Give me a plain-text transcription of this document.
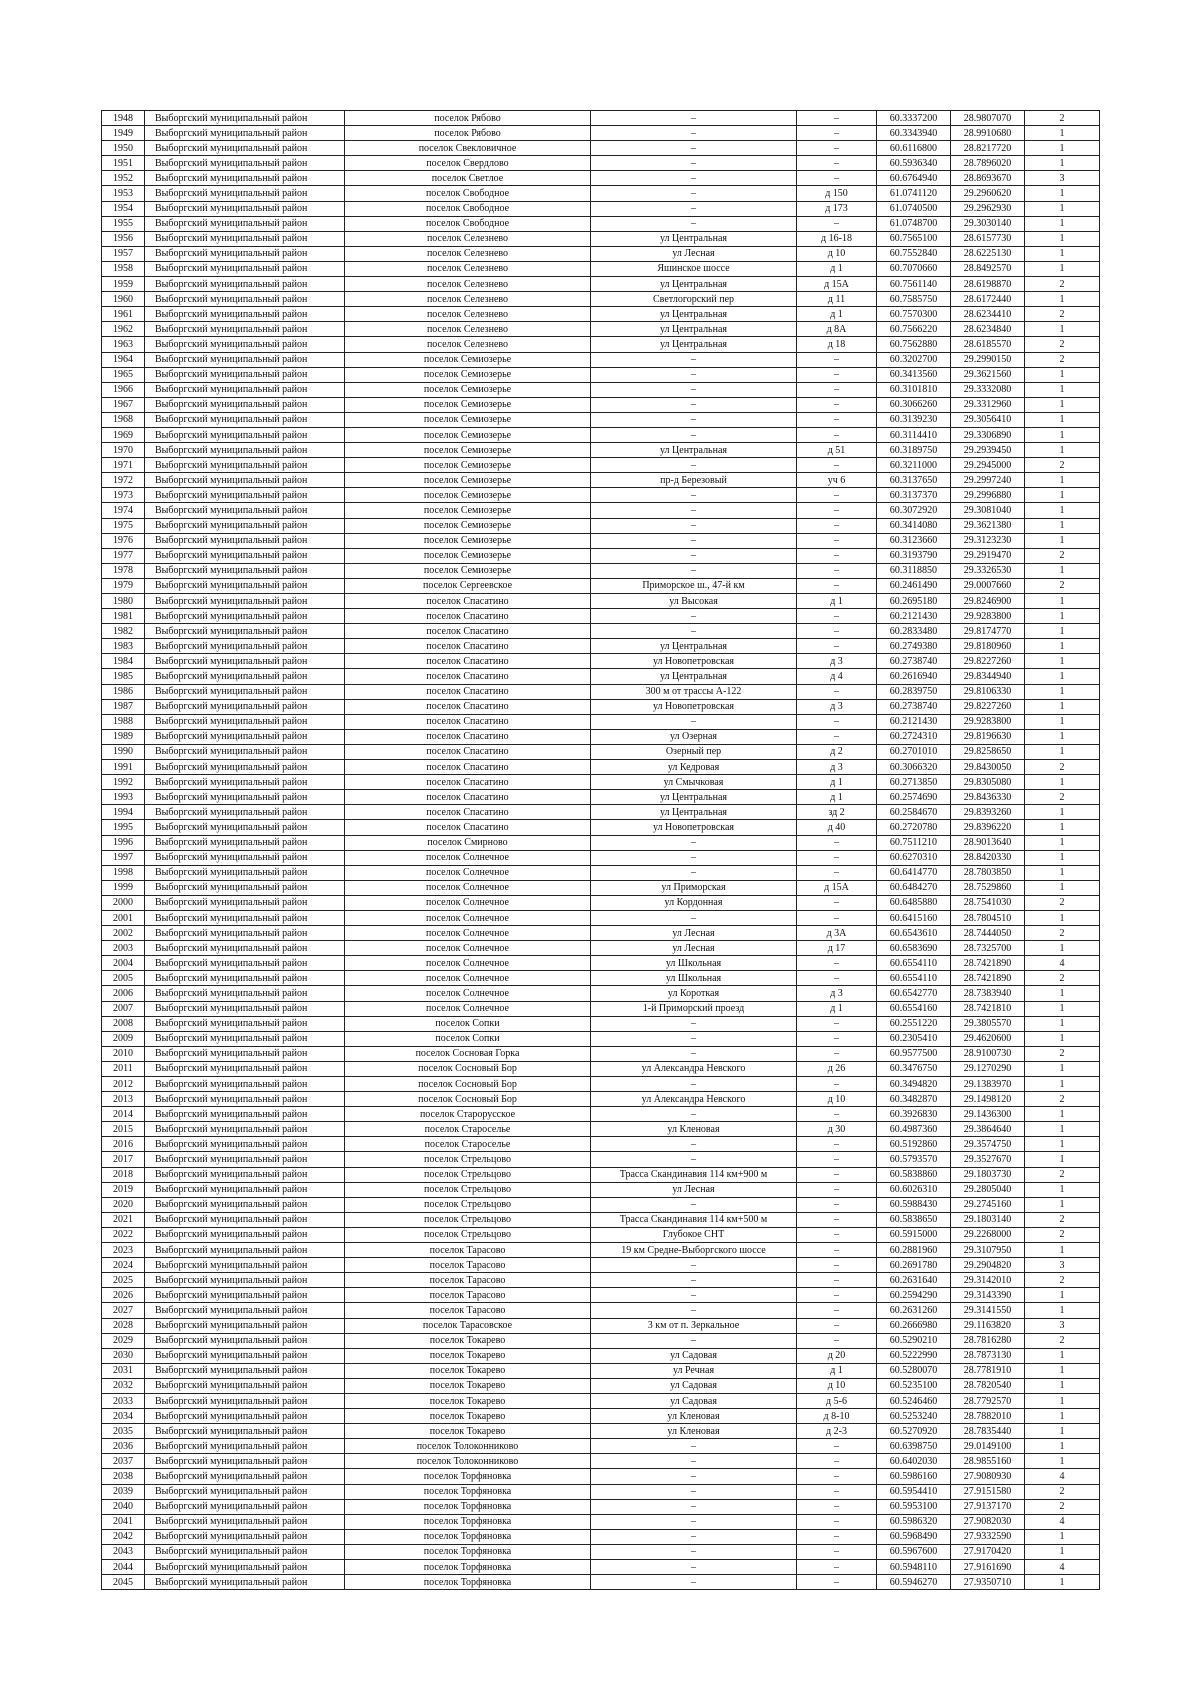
1948	Выборгский муниципальный район	поселок Рябово	–	–	60.3337200	28.9807070	2
1949	Выборгский муниципальный район	поселок Рябово	–	–	60.3343940	28.9910680	1
1950	Выборгский муниципальный район	поселок Свекловичное	–	–	60.6116800	28.8217720	1
1951	Выборгский муниципальный район	поселок Свердлово	–	–	60.5936340	28.7896020	1
1952	Выборгский муниципальный район	поселок Светлое	–	–	60.6764940	28.8693670	3
1953	Выборгский муниципальный район	поселок Свободное	–	д 150	61.0741120	29.2960620	1
1954	Выборгский муниципальный район	поселок Свободное	–	д 173	61.0740500	29.2962930	1
1955	Выборгский муниципальный район	поселок Свободное	–	–	61.0748700	29.3030140	1
1956	Выборгский муниципальный район	поселок Селезнево	ул Центральная	д 16-18	60.7565100	28.6157730	1
1957	Выборгский муниципальный район	поселок Селезнево	ул Лесная	д 10	60.7552840	28.6225130	1
1958	Выборгский муниципальный район	поселок Селезнево	Яшинское шоссе	д 1	60.7070660	28.8492570	1
1959	Выборгский муниципальный район	поселок Селезнево	ул Центральная	д 15А	60.7561140	28.6198870	2
1960	Выборгский муниципальный район	поселок Селезнево	Светлогорский пер	д 11	60.7585750	28.6172440	1
1961	Выборгский муниципальный район	поселок Селезнево	ул Центральная	д 1	60.7570300	28.6234410	2
1962	Выборгский муниципальный район	поселок Селезнево	ул Центральная	д 8А	60.7566220	28.6234840	1
1963	Выборгский муниципальный район	поселок Селезнево	ул Центральная	д 18	60.7562880	28.6185570	2
1964	Выборгский муниципальный район	поселок Семиозерье	–	–	60.3202700	29.2990150	2
1965	Выборгский муниципальный район	поселок Семиозерье	–	–	60.3413560	29.3621560	1
1966	Выборгский муниципальный район	поселок Семиозерье	–	–	60.3101810	29.3332080	1
1967	Выборгский муниципальный район	поселок Семиозерье	–	–	60.3066260	29.3312960	1
1968	Выборгский муниципальный район	поселок Семиозерье	–	–	60.3139230	29.3056410	1
1969	Выборгский муниципальный район	поселок Семиозерье	–	–	60.3114410	29.3306890	1
1970	Выборгский муниципальный район	поселок Семиозерье	ул Центральная	д 51	60.3189750	29.2939450	1
1971	Выборгский муниципальный район	поселок Семиозерье	–	–	60.3211000	29.2945000	2
1972	Выборгский муниципальный район	поселок Семиозерье	пр-д Березовый	уч 6	60.3137650	29.2997240	1
1973	Выборгский муниципальный район	поселок Семиозерье	–	–	60.3137370	29.2996880	1
1974	Выборгский муниципальный район	поселок Семиозерье	–	–	60.3072920	29.3081040	1
1975	Выборгский муниципальный район	поселок Семиозерье	–	–	60.3414080	29.3621380	1
1976	Выборгский муниципальный район	поселок Семиозерье	–	–	60.3123660	29.3123230	1
1977	Выборгский муниципальный район	поселок Семиозерье	–	–	60.3193790	29.2919470	2
1978	Выборгский муниципальный район	поселок Семиозерье	–	–	60.3118850	29.3326530	1
1979	Выборгский муниципальный район	поселок Сергеевское	Приморское ш., 47-й км	–	60.2461490	29.0007660	2
1980	Выборгский муниципальный район	поселок Спасатино	ул Высокая	д 1	60.2695180	29.8246900	1
1981	Выборгский муниципальный район	поселок Спасатино	–	–	60.2121430	29.9283800	1
1982	Выборгский муниципальный район	поселок Спасатино	–	–	60.2833480	29.8174770	1
1983	Выборгский муниципальный район	поселок Спасатино	ул Центральная	–	60.2749380	29.8180960	1
1984	Выборгский муниципальный район	поселок Спасатино	ул Новопетровская	д 3	60.2738740	29.8227260	1
1985	Выборгский муниципальный район	поселок Спасатино	ул Центральная	д 4	60.2616940	29.8344940	1
1986	Выборгский муниципальный район	поселок Спасатино	300 м от трассы А-122	–	60.2839750	29.8106330	1
1987	Выборгский муниципальный район	поселок Спасатино	ул Новопетровская	д 3	60.2738740	29.8227260	1
1988	Выборгский муниципальный район	поселок Спасатино	–	–	60.2121430	29.9283800	1
1989	Выборгский муниципальный район	поселок Спасатино	ул Озерная	–	60.2724310	29.8196630	1
1990	Выборгский муниципальный район	поселок Спасатино	Озерный пер	д 2	60.2701010	29.8258650	1
1991	Выборгский муниципальный район	поселок Спасатино	ул Кедровая	д 3	60.3066320	29.8430050	2
1992	Выборгский муниципальный район	поселок Спасатино	ул Смычковая	д 1	60.2713850	29.8305080	1
1993	Выборгский муниципальный район	поселок Спасатино	ул Центральная	д 1	60.2574690	29.8436330	2
1994	Выборгский муниципальный район	поселок Спасатино	ул Центральная	зд 2	60.2584670	29.8393260	1
1995	Выборгский муниципальный район	поселок Спасатино	ул Новопетровская	д 40	60.2720780	29.8396220	1
1996	Выборгский муниципальный район	поселок Смирново	–	–	60.7511210	28.9013640	1
1997	Выборгский муниципальный район	поселок Солнечное	–	–	60.6270310	28.8420330	1
1998	Выборгский муниципальный район	поселок Солнечное	–	–	60.6414770	28.7803850	1
1999	Выборгский муниципальный район	поселок Солнечное	ул Приморская	д 15А	60.6484270	28.7529860	1
2000	Выборгский муниципальный район	поселок Солнечное	ул Кордонная	–	60.6485880	28.7541030	2
2001	Выборгский муниципальный район	поселок Солнечное	–	–	60.6415160	28.7804510	1
2002	Выборгский муниципальный район	поселок Солнечное	ул Лесная	д 3А	60.6543610	28.7444050	2
2003	Выборгский муниципальный район	поселок Солнечное	ул Лесная	д 17	60.6583690	28.7325700	1
2004	Выборгский муниципальный район	поселок Солнечное	ул Школьная	–	60.6554110	28.7421890	4
2005	Выборгский муниципальный район	поселок Солнечное	ул Школьная	–	60.6554110	28.7421890	2
2006	Выборгский муниципальный район	поселок Солнечное	ул Короткая	д 3	60.6542770	28.7383940	1
2007	Выборгский муниципальный район	поселок Солнечное	1-й Приморский проезд	д 1	60.6554160	28.7421810	1
2008	Выборгский муниципальный район	поселок Сопки	–	–	60.2551220	29.3805570	1
2009	Выборгский муниципальный район	поселок Сопки	–	–	60.2305410	29.4620600	1
2010	Выборгский муниципальный район	поселок Сосновая Горка	–	–	60.9577500	28.9100730	2
2011	Выборгский муниципальный район	поселок Сосновый Бор	ул Александра Невского	д 26	60.3476750	29.1270290	1
2012	Выборгский муниципальный район	поселок Сосновый Бор	–	–	60.3494820	29.1383970	1
2013	Выборгский муниципальный район	поселок Сосновый Бор	ул Александра Невского	д 10	60.3482870	29.1498120	2
2014	Выборгский муниципальный район	поселок Старорусское	–	–	60.3926830	29.1436300	1
2015	Выборгский муниципальный район	поселок Староселье	ул Кленовая	д 30	60.4987360	29.3864640	1
2016	Выборгский муниципальный район	поселок Староселье	–	–	60.5192860	29.3574750	1
2017	Выборгский муниципальный район	поселок Стрельцово	–	–	60.5793570	29.3527670	1
2018	Выборгский муниципальный район	поселок Стрельцово	Трасса Скандинавия 114 км+900 м	–	60.5838860	29.1803730	2
2019	Выборгский муниципальный район	поселок Стрельцово	ул Лесная	–	60.6026310	29.2805040	1
2020	Выборгский муниципальный район	поселок Стрельцово	–	–	60.5988430	29.2745160	1
2021	Выборгский муниципальный район	поселок Стрельцово	Трасса Скандинавия 114 км+500 м	–	60.5838650	29.1803140	2
2022	Выборгский муниципальный район	поселок Стрельцово	Глубокое СНТ	–	60.5915000	29.2268000	2
2023	Выборгский муниципальный район	поселок Тарасово	19 км Средне-Выборгского шоссе	–	60.2881960	29.3107950	1
2024	Выборгский муниципальный район	поселок Тарасово	–	–	60.2691780	29.2904820	3
2025	Выборгский муниципальный район	поселок Тарасово	–	–	60.2631640	29.3142010	2
2026	Выборгский муниципальный район	поселок Тарасово	–	–	60.2594290	29.3143390	1
2027	Выборгский муниципальный район	поселок Тарасово	–	–	60.2631260	29.3141550	1
2028	Выборгский муниципальный район	поселок Тарасовское	3 км от п. Зеркальное	–	60.2666980	29.1163820	3
2029	Выборгский муниципальный район	поселок Токарево	–	–	60.5290210	28.7816280	2
2030	Выборгский муниципальный район	поселок Токарево	ул Садовая	д 20	60.5222990	28.7873130	1
2031	Выборгский муниципальный район	поселок Токарево	ул Речная	д 1	60.5280070	28.7781910	1
2032	Выборгский муниципальный район	поселок Токарево	ул Садовая	д 10	60.5235100	28.7820540	1
2033	Выборгский муниципальный район	поселок Токарево	ул Садовая	д 5-6	60.5246460	28.7792570	1
2034	Выборгский муниципальный район	поселок Токарево	ул Кленовая	д 8-10	60.5253240	28.7882010	1
2035	Выборгский муниципальный район	поселок Токарево	ул Кленовая	д 2-3	60.5270920	28.7835440	1
2036	Выборгский муниципальный район	поселок Толоконниково	–	–	60.6398750	29.0149100	1
2037	Выборгский муниципальный район	поселок Толоконниково	–	–	60.6402030	28.9855160	1
2038	Выборгский муниципальный район	поселок Торфяновка	–	–	60.5986160	27.9080930	4
2039	Выборгский муниципальный район	поселок Торфяновка	–	–	60.5954410	27.9151580	2
2040	Выборгский муниципальный район	поселок Торфяновка	–	–	60.5953100	27.9137170	2
2041	Выборгский муниципальный район	поселок Торфяновка	–	–	60.5986320	27.9082030	4
2042	Выборгский муниципальный район	поселок Торфяновка	–	–	60.5968490	27.9332590	1
2043	Выборгский муниципальный район	поселок Торфяновка	–	–	60.5967600	27.9170420	1
2044	Выборгский муниципальный район	поселок Торфяновка	–	–	60.5948110	27.9161690	4
2045	Выборгский муниципальный район	поселок Торфяновка	–	–	60.5946270	27.9350710	1
